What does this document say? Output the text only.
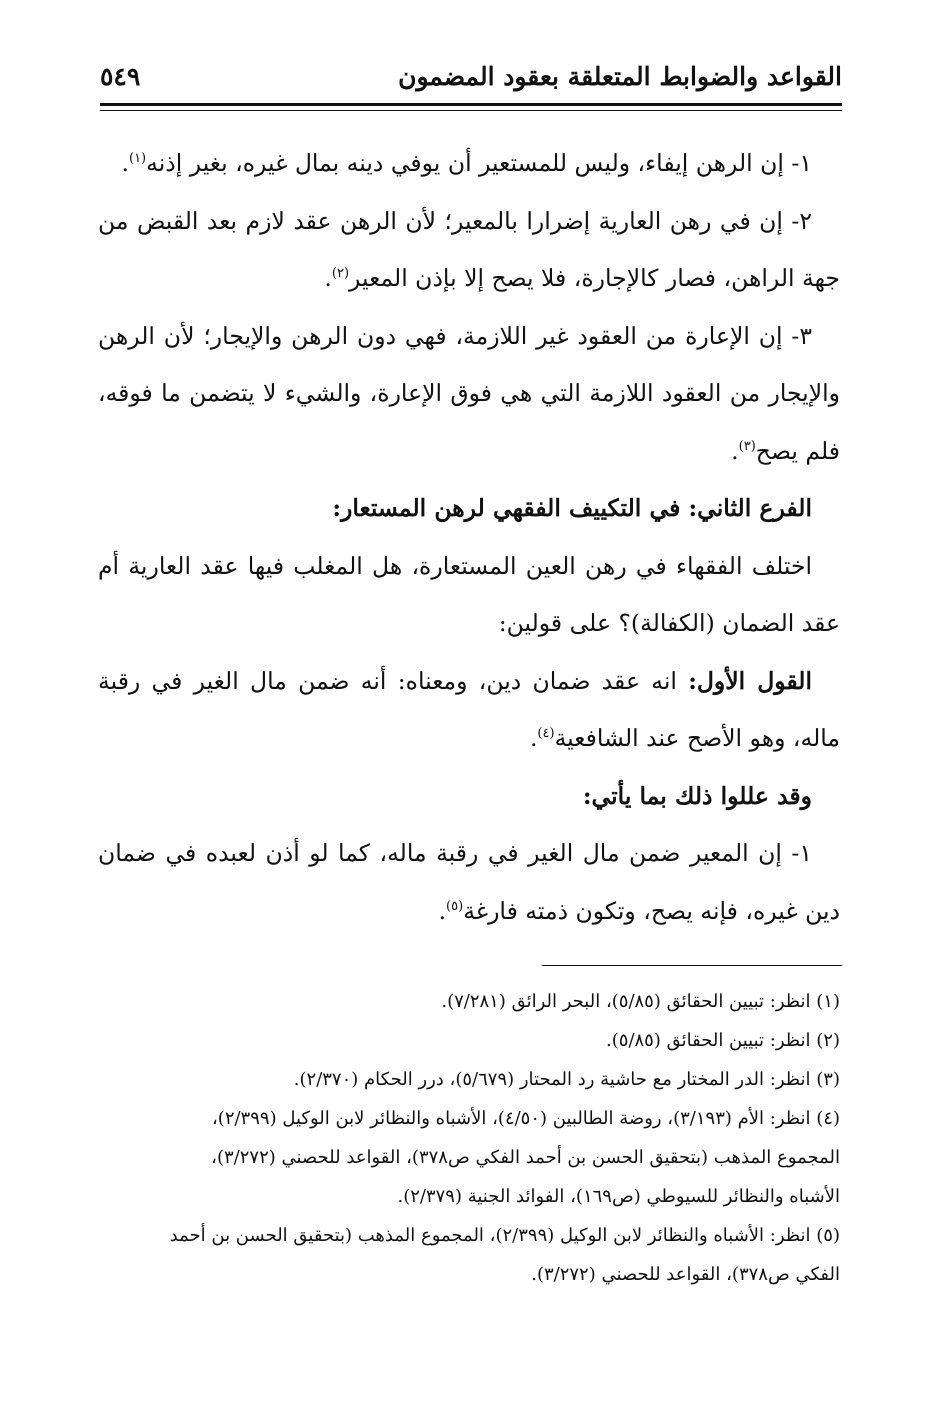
القواعد والضوابط المتعلقة بعقود المضمون
٥٤٩

١- إن الرهن إيفاء، وليس للمستعير أن يوفي دينه بمال غيره، بغير إذنه$^{(١)}$.

٢- إن في رهن العارية إضرارا بالمعير؛ لأن الرهن عقد لازم بعد القبض من جهة الراهن، فصار كالإجارة، فلا يصح إلا بإذن المعير$^{(٢)}$.

٣- إن الإعارة من العقود غير اللازمة، فهي دون الرهن والإيجار؛ لأن الرهن والإيجار من العقود اللازمة التي هي فوق الإعارة، والشيء لا يتضمن ما فوقه، فلم يصح$^{(٣)}$.

الفرع الثاني: في التكييف الفقهي لرهن المستعار:

اختلف الفقهاء في رهن العين المستعارة، هل المغلب فيها عقد العارية أم عقد الضمان (الكفالة)؟ على قولين:

القول الأول: انه عقد ضمان دين، ومعناه: أنه ضمن مال الغير في رقبة ماله، وهو الأصح عند الشافعية$^{(٤)}$.

وقد عللوا ذلك بما يأتي:

١- إن المعير ضمن مال الغير في رقبة ماله، كما لو أذن لعبده في ضمان دين غيره، فإنه يصح، وتكون ذمته فارغة$^{(٥)}$.

(١) انظر: تبيين الحقائق (٥/٨٥)، البحر الرائق (٧/٢٨١).

(٢) انظر: تبيين الحقائق (٥/٨٥).

(٣) انظر: الدر المختار مع حاشية رد المحتار (٥/٦٧٩)، درر الحكام (٢/٣٧٠).

(٤) انظر: الأم (٣/١٩٣)، روضة الطالبين (٤/٥٠)، الأشباه والنظائر لابن الوكيل (٢/٣٩٩)،

المجموع المذهب (بتحقيق الحسن بن أحمد الفكي ص٣٧٨)، القواعد للحصني (٣/٢٧٢)،

الأشباه والنظائر للسيوطي (ص١٦٩)، الفوائد الجنية (٢/٣٧٩).

(٥) انظر: الأشباه والنظائر لابن الوكيل (٢/٣٩٩)، المجموع المذهب (بتحقيق الحسن بن أحمد

الفكي ص٣٧٨)، القواعد للحصني (٣/٢٧٢).
